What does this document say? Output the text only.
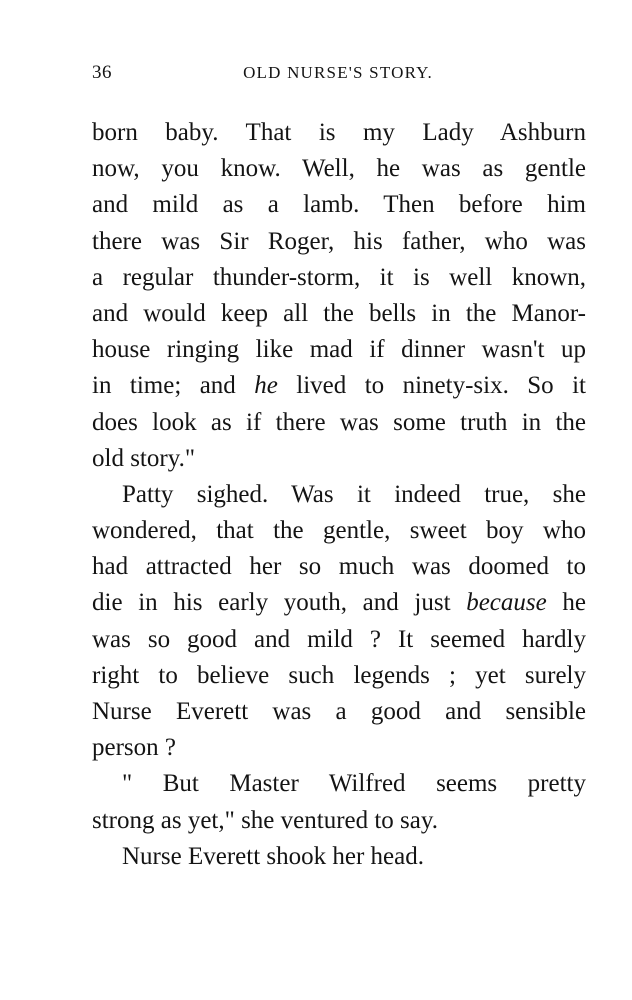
36	OLD NURSE'S STORY.
born baby. That is my Lady Ashburn
now, you know. Well, he was as gentle
and mild as a lamb. Then before him
there was Sir Roger, his father, who was
a regular thunder-storm, it is well known,
and would keep all the bells in the Manor-
house ringing like mad if dinner wasn't up
in time; and he lived to ninety-six. So it
does look as if there was some truth in the
old story."
Patty sighed. Was it indeed true, she
wondered, that the gentle, sweet boy who
had attracted her so much was doomed to
die in his early youth, and just because he
was so good and mild ? It seemed hardly
right to believe such legends ; yet surely
Nurse Everett was a good and sensible
person ?
" But Master Wilfred seems pretty
strong as yet," she ventured to say.
Nurse Everett shook her head.
